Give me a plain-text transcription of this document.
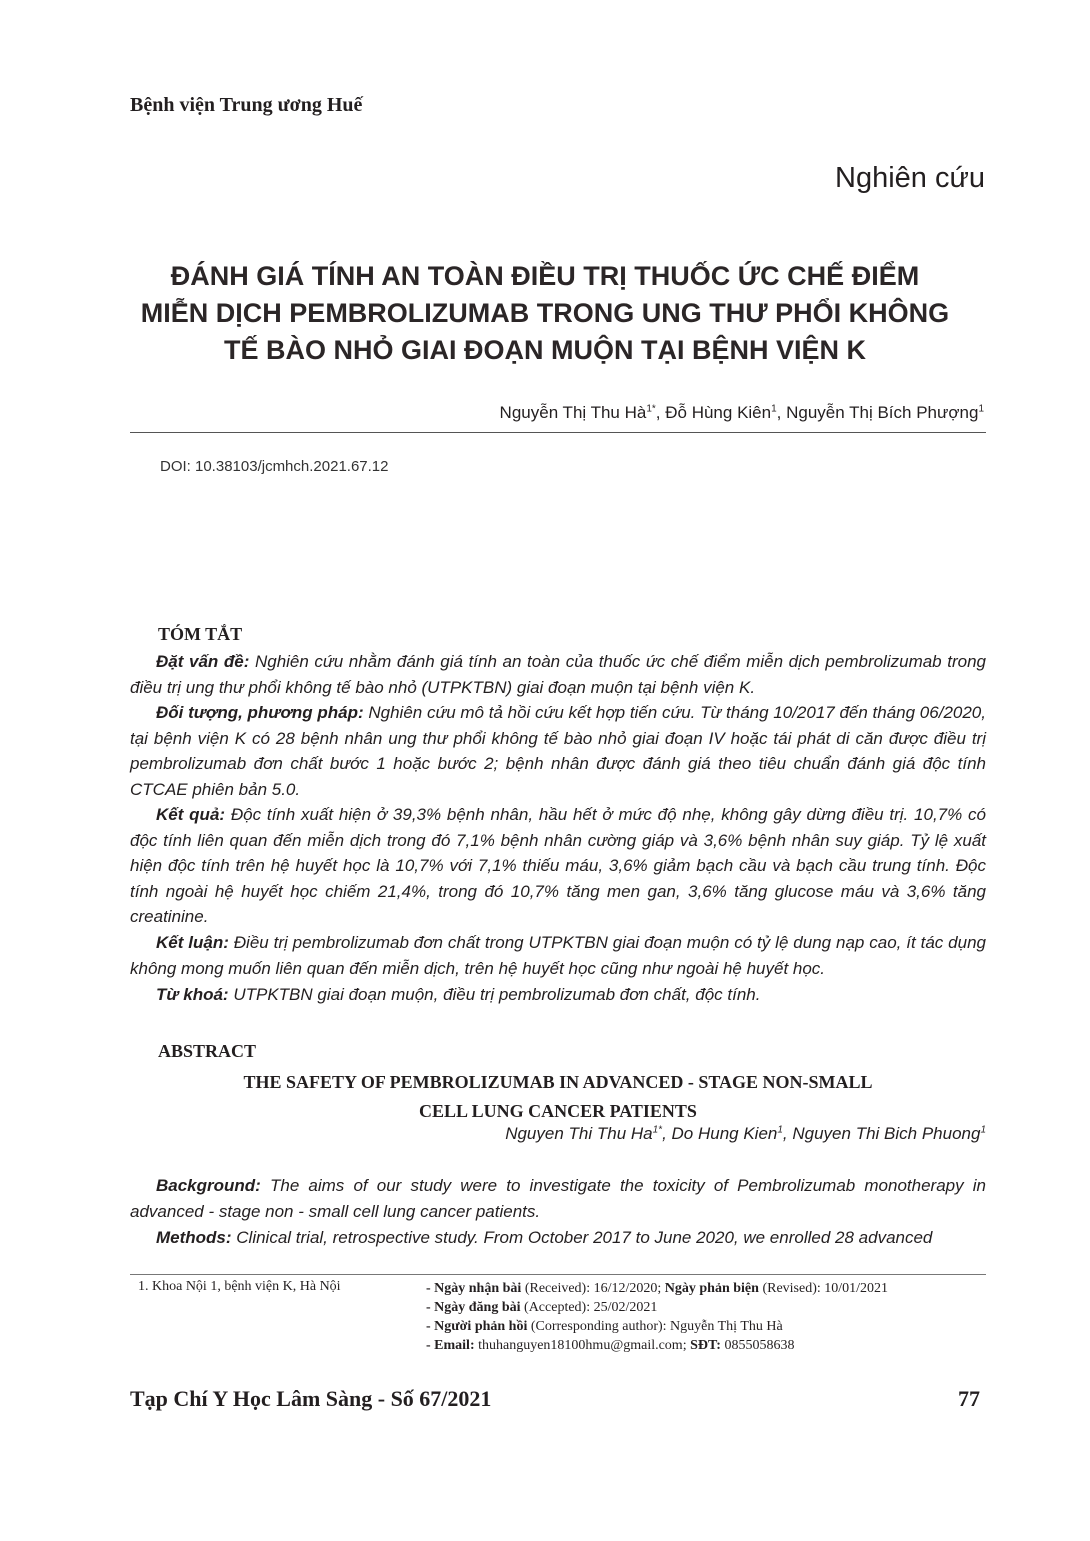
Bệnh viện Trung ương Huế
Nghiên cứu
ĐÁNH GIÁ TÍNH AN TOÀN ĐIỀU TRỊ THUỐC ỨC CHẾ ĐIỂM
MIỄN DỊCH PEMBROLIZUMAB TRONG UNG THƯ PHỔI KHÔNG
TẾ BÀO NHỎ GIAI ĐOẠN MUỘN TẠI BỆNH VIỆN K
Nguyễn Thị Thu $Hà^{1*}$, Đỗ Hùng Kiên$^1$, Nguyễn Thị Bích Phượng$^1$
DOI: 10.38103/jcmhch.2021.67.12
TÓM TẮT
Đặt vấn đề: Nghiên cứu nhằm đánh giá tính an toàn của thuốc ức chế điểm miễn dịch pembrolizumab trong điều trị ung thư phổi không tế bào nhỏ (UTPKTBN) giai đoạn muộn tại bệnh viện K.
Đối tượng, phương pháp: Nghiên cứu mô tả hồi cứu kết hợp tiến cứu. Từ tháng 10/2017 đến tháng 06/2020, tại bệnh viện K có 28 bệnh nhân ung thư phổi không tế bào nhỏ giai đoạn IV hoặc tái phát di căn được điều trị pembrolizumab đơn chất bước 1 hoặc bước 2; bệnh nhân được đánh giá theo tiêu chuẩn đánh giá độc tính CTCAE phiên bản 5.0.
Kết quả: Độc tính xuất hiện ở 39,3% bệnh nhân, hầu hết ở mức độ nhẹ, không gây dừng điều trị. 10,7% có độc tính liên quan đến miễn dịch trong đó 7,1% bệnh nhân cường giáp và 3,6% bệnh nhân suy giáp. Tỷ lệ xuất hiện độc tính trên hệ huyết học là 10,7% với 7,1% thiếu máu, 3,6% giảm bạch cầu và bạch cầu trung tính. Độc tính ngoài hệ huyết học chiếm 21,4%, trong đó 10,7% tăng men gan, 3,6% tăng glucose máu và 3,6% tăng creatinine.
Kết luận: Điều trị pembrolizumab đơn chất trong UTPKTBN giai đoạn muộn có tỷ lệ dung nạp cao, ít tác dụng không mong muốn liên quan đến miễn dịch, trên hệ huyết học cũng như ngoài hệ huyết học.
Từ khoá: UTPKTBN giai đoạn muộn, điều trị pembrolizumab đơn chất, độc tính.
ABSTRACT
THE SAFETY OF PEMBROLIZUMAB IN ADVANCED - STAGE NON-SMALL
CELL LUNG CANCER PATIENTS
Nguyen Thi Thu $Ha^{1*}$, Do Hung Kien$^1$, Nguyen Thi Bich Phuong$^1$
Background: The aims of our study were to investigate the toxicity of Pembrolizumab monotherapy in advanced - stage non - small cell lung cancer patients.
Methods: Clinical trial, retrospective study. From October 2017 to June 2020, we enrolled 28 advanced
1. Khoa Nội 1, bệnh viện K, Hà Nội	- Ngày nhận bài (Received): 16/12/2020; Ngày phản biện (Revised): 10/01/2021
- Ngày đăng bài (Accepted): 25/02/2021
- Người phản hồi (Corresponding author): Nguyễn Thị Thu Hà
- Email: thuhanguyen18100hmu@gmail.com; SĐT: 0855058638
Tạp Chí Y Học Lâm Sàng - Số 67/2021	77
